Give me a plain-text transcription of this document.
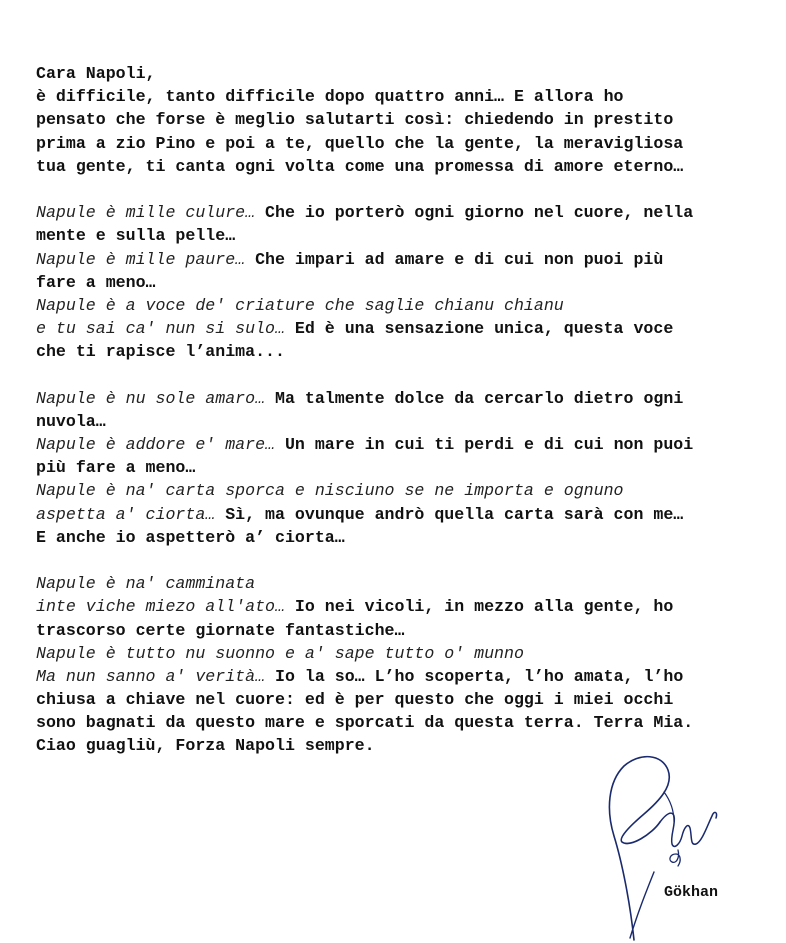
Cara Napoli,
è difficile, tanto difficile dopo quattro anni… E allora ho
pensato che forse è meglio salutarti così: chiedendo in prestito
prima a zio Pino e poi a te, quello che la gente, la meravigliosa
tua gente, ti canta ogni volta come una promessa di amore eterno…
Napule è mille culure… Che io porterò ogni giorno nel cuore, nella
mente e sulla pelle…
Napule è mille paure… Che impari ad amare e di cui non puoi più
fare a meno…
Napule è a voce de' criature che saglie chianu chianu
e tu sai ca' nun si sulo… Ed è una sensazione unica, questa voce
che ti rapisce l’anima...
Napule è nu sole amaro… Ma talmente dolce da cercarlo dietro ogni
nuvola…
Napule è addore e' mare… Un mare in cui ti perdi e di cui non puoi
più fare a meno…
Napule è na' carta sporca e nisciuno se ne importa e ognuno
aspetta a' ciorta… Sì, ma ovunque andrò quella carta sarà con me…
E anche io aspetterò a’ ciorta…
Napule è na' camminata
inte viche miezo all'ato… Io nei vicoli, in mezzo alla gente, ho
trascorso certe giornate fantastiche…
Napule è tutto nu suonno e a' sape tutto o' munno
Ma nun sanno a' verità… Io la so… L’ho scoperta, l’ho amata, l’ho
chiusa a chiave nel cuore: ed è per questo che oggi i miei occhi
sono bagnati da questo mare e sporcati da questa terra. Terra Mia.
Ciao guagliù, Forza Napoli sempre.
Gökhan
